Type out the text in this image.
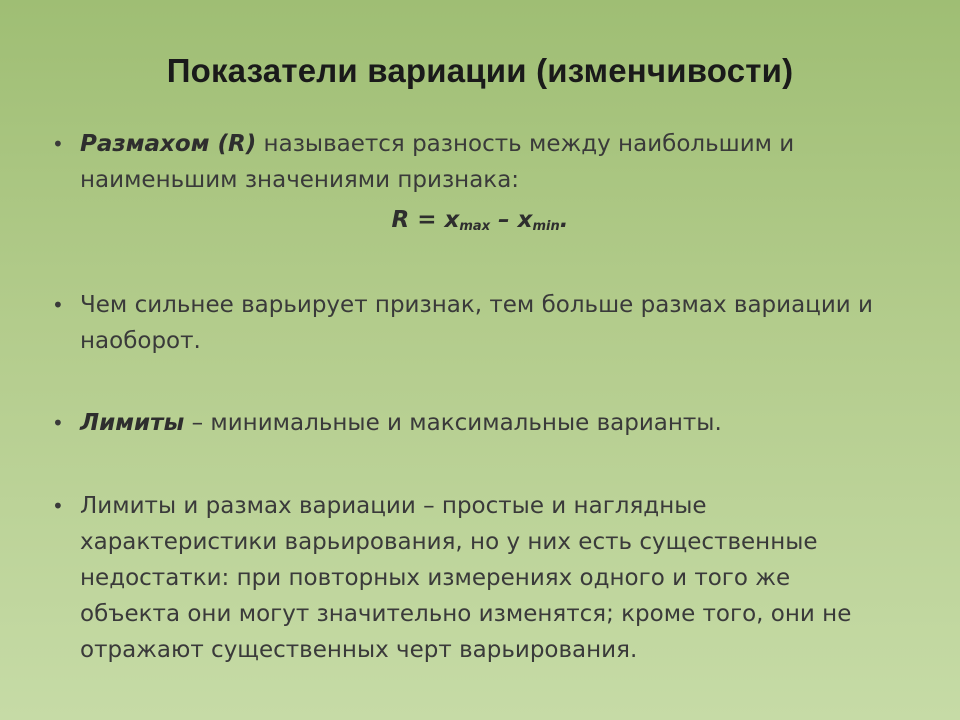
Показатели вариации (изменчивости)
• Размахом (R) называется разность между наибольшим и наименьшим значениями признака:
$R = x_{max} - x_{min}$.
• Чем сильнее варьирует признак, тем больше размах вариации и наоборот.
• Лимиты – минимальные и максимальные варианты.
• Лимиты и размах вариации – простые и наглядные характеристики варьирования, но у них есть существенные недостатки: при повторных измерениях одного и того же объекта они могут значительно изменятся; кроме того, они не отражают существенных черт варьирования.
